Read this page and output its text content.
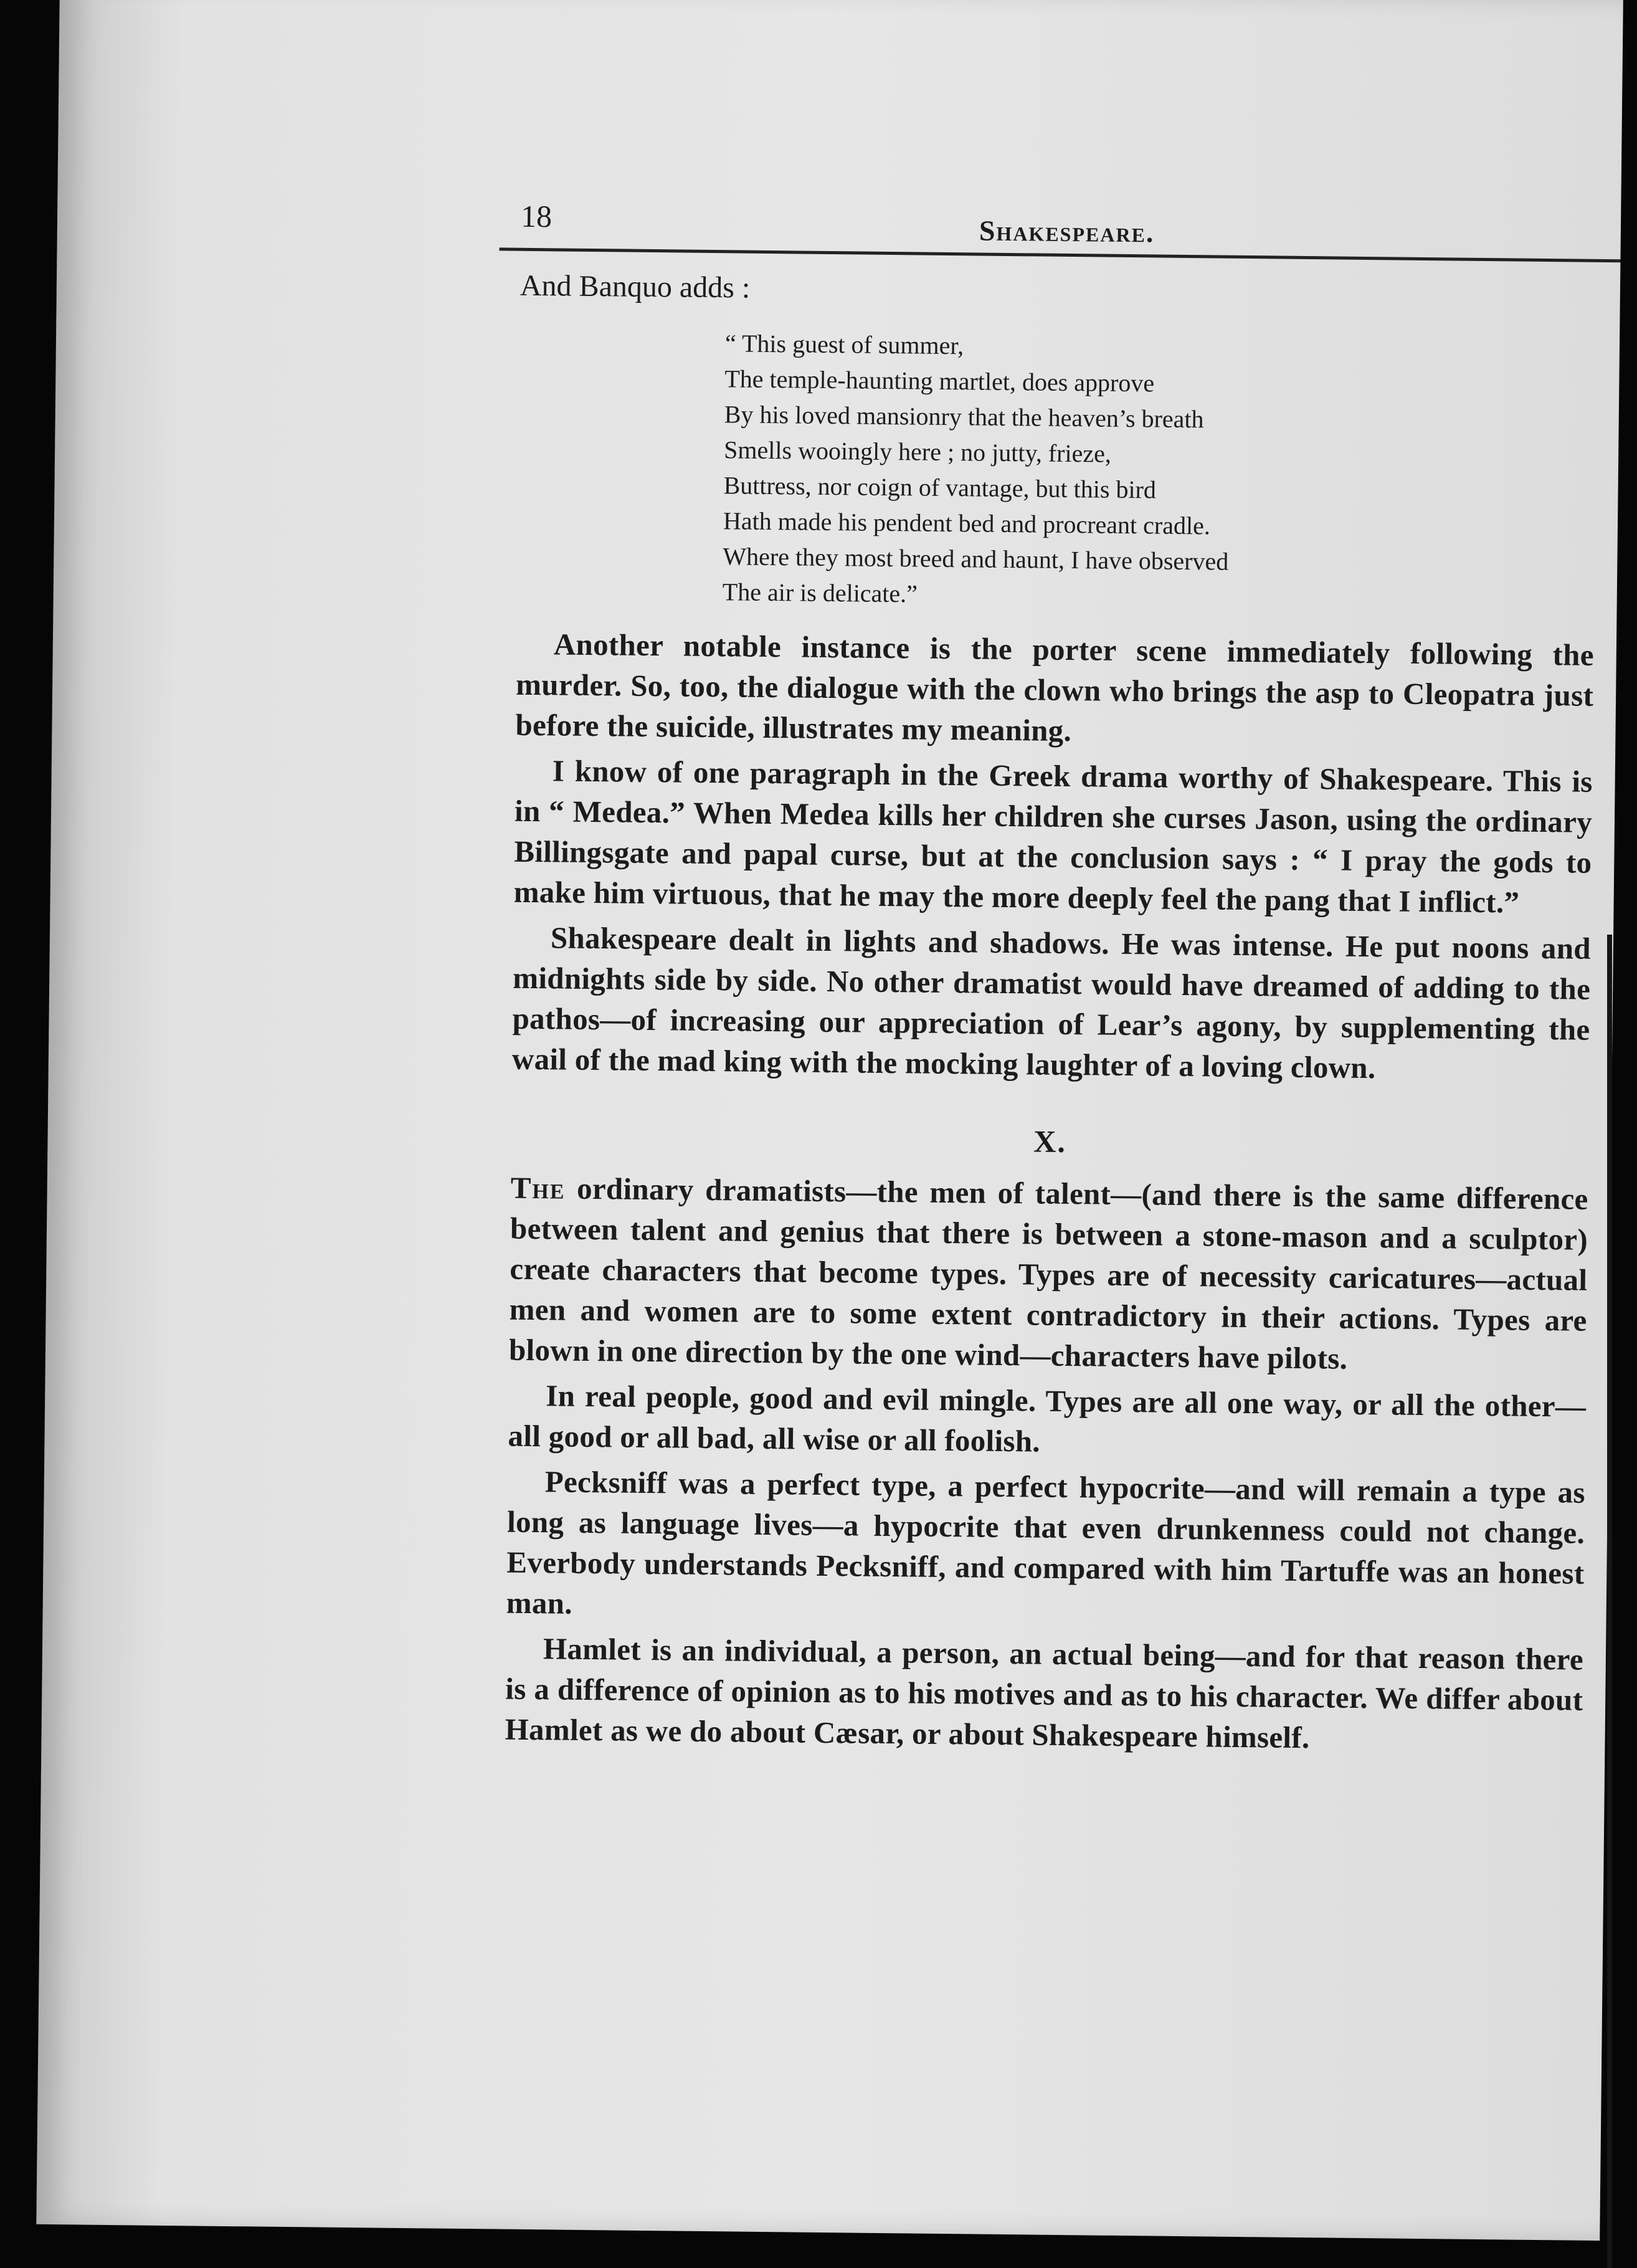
18	Shakespeare.

And Banquo adds :

“ This guest of summer,
The temple-haunting martlet, does approve
By his loved mansionry that the heaven’s breath
Smells wooingly here ; no jutty, frieze,
Buttress, nor coign of vantage, but this bird
Hath made his pendent bed and procreant cradle.
Where they most breed and haunt, I have observed
The air is delicate.”

Another notable instance is the porter scene immediately following the murder. So, too, the dialogue with the clown who brings the asp to Cleopatra just before the suicide, illustrates my meaning.

I know of one paragraph in the Greek drama worthy of Shakespeare. This is in “ Medea.” When Medea kills her children she curses Jason, using the ordinary Billingsgate and papal curse, but at the conclusion says : “ I pray the gods to make him virtuous, that he may the more deeply feel the pang that I inflict.”

Shakespeare dealt in lights and shadows. He was intense. He put noons and midnights side by side. No other dramatist would have dreamed of adding to the pathos—of increasing our appreciation of Lear’s agony, by supplementing the wail of the mad king with the mocking laughter of a loving clown.

X.

The ordinary dramatists—the men of talent—(and there is the same difference between talent and genius that there is between a stone-mason and a sculptor) create characters that become types. Types are of necessity caricatures—actual men and women are to some extent contradictory in their actions. Types are blown in one direction by the one wind—characters have pilots.

In real people, good and evil mingle. Types are all one way, or all the other—all good or all bad, all wise or all foolish.

Pecksniff was a perfect type, a perfect hypocrite—and will remain a type as long as language lives—a hypocrite that even drunkenness could not change. Everbody understands Pecksniff, and compared with him Tartuffe was an honest man.

Hamlet is an individual, a person, an actual being—and for that reason there is a difference of opinion as to his motives and as to his character. We differ about Hamlet as we do about Cæsar, or about Shakespeare himself.
